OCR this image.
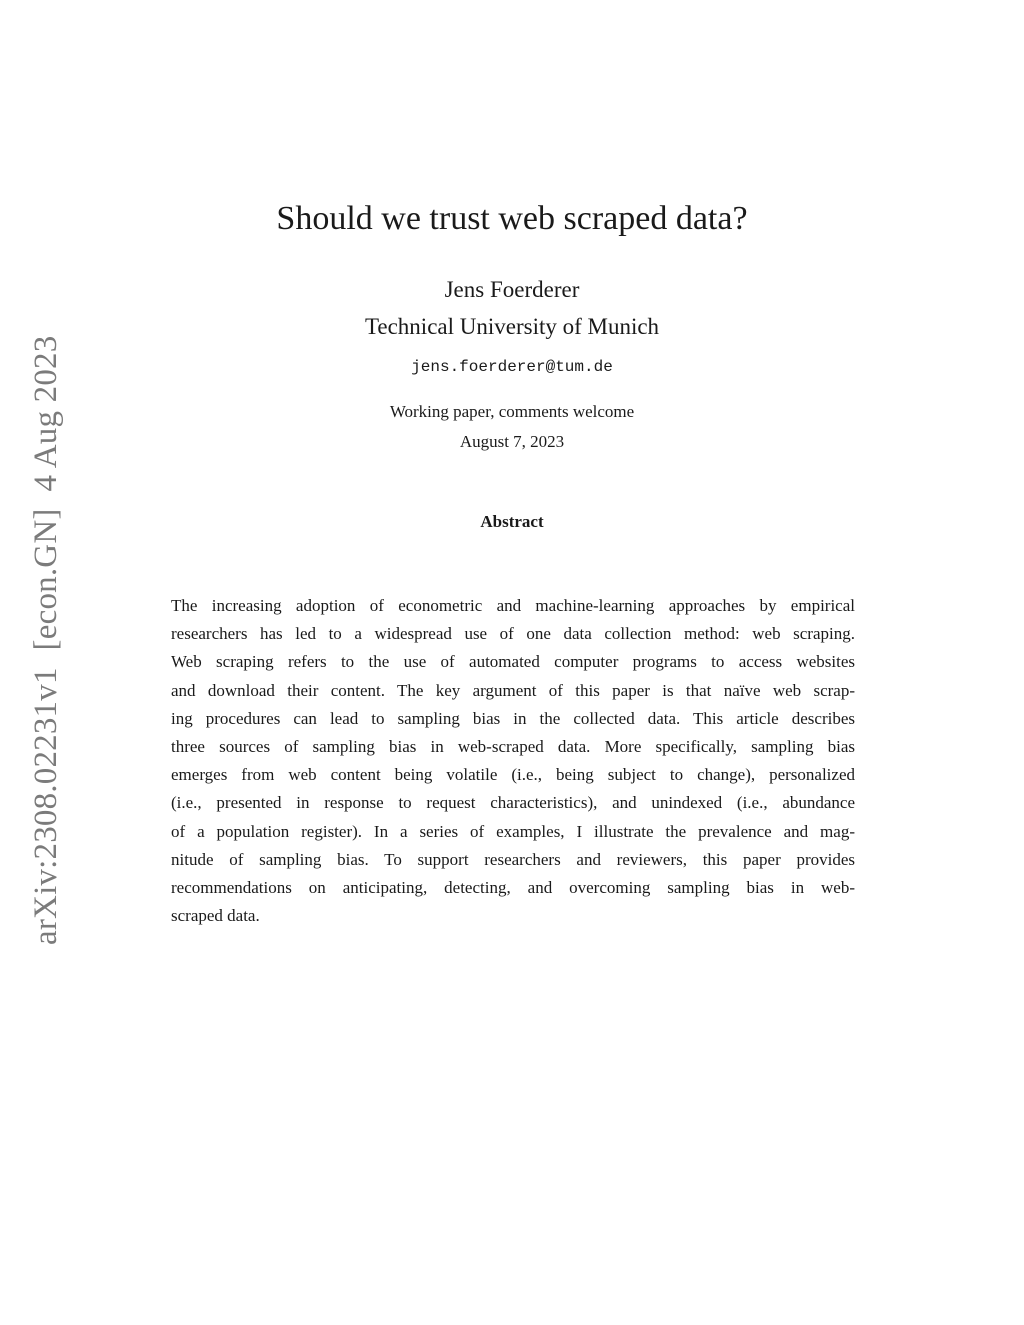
arXiv:2308.02231v1  [econ.GN]  4 Aug 2023
Should we trust web scraped data?
Jens Foerderer
Technical University of Munich
jens.foerderer@tum.de
Working paper, comments welcome
August 7, 2023
Abstract
The increasing adoption of econometric and machine-learning approaches by empirical
researchers has led to a widespread use of one data collection method: web scraping.
Web scraping refers to the use of automated computer programs to access websites
and download their content. The key argument of this paper is that naïve web scrap-
ing procedures can lead to sampling bias in the collected data. This article describes
three sources of sampling bias in web-scraped data. More specifically, sampling bias
emerges from web content being volatile (i.e., being subject to change), personalized
(i.e., presented in response to request characteristics), and unindexed (i.e., abundance
of a population register). In a series of examples, I illustrate the prevalence and mag-
nitude of sampling bias. To support researchers and reviewers, this paper provides
recommendations on anticipating, detecting, and overcoming sampling bias in web-
scraped data.
